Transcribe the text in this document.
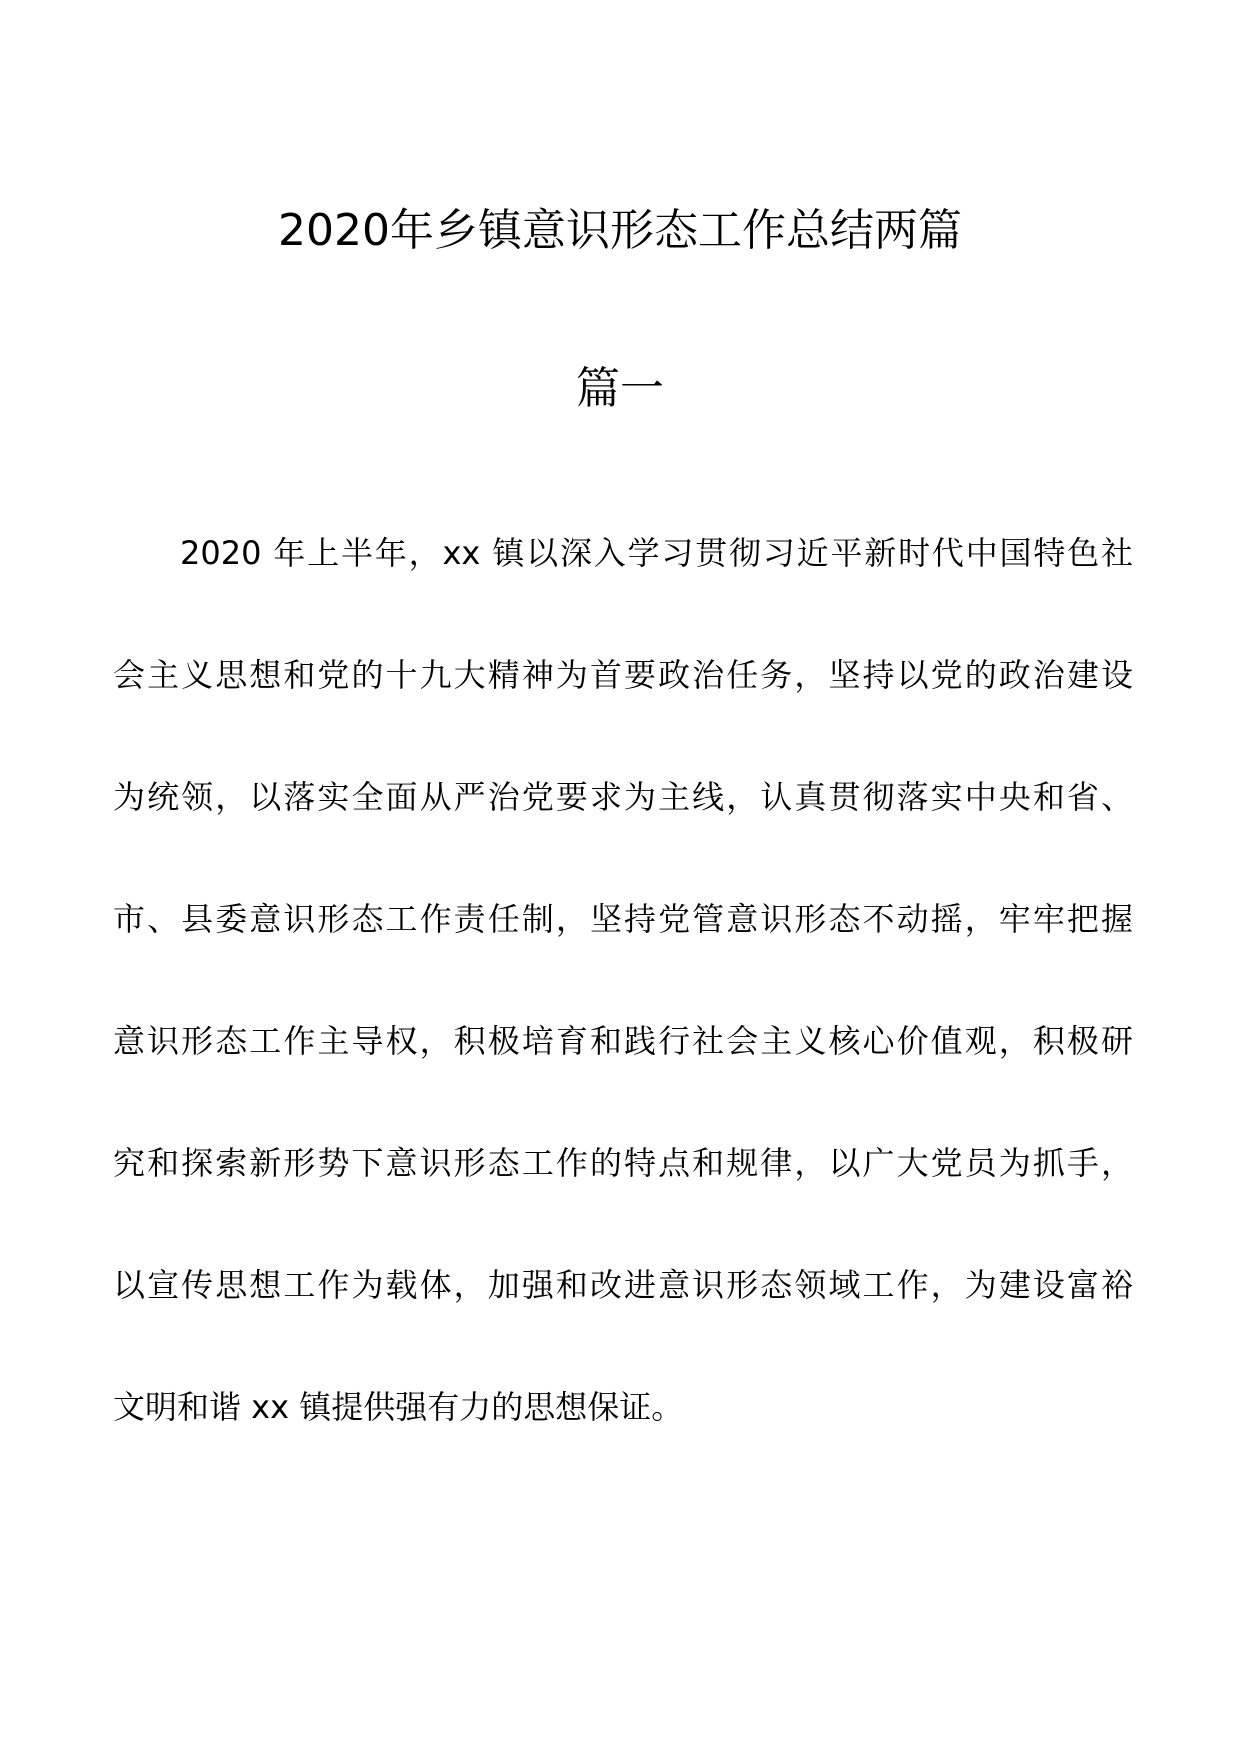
2020年乡镇意识形态工作总结两篇
篇一
2020 年上半年，xx 镇以深入学习贯彻习近平新时代中国特色社
会主义思想和党的十九大精神为首要政治任务，坚持以党的政治建设
为统领，以落实全面从严治党要求为主线，认真贯彻落实中央和省、
市、县委意识形态工作责任制，坚持党管意识形态不动摇，牢牢把握
意识形态工作主导权，积极培育和践行社会主义核心价值观，积极研
究和探索新形势下意识形态工作的特点和规律，以广大党员为抓手，
以宣传思想工作为载体，加强和改进意识形态领域工作，为建设富裕
文明和谐 xx 镇提供强有力的思想保证。
